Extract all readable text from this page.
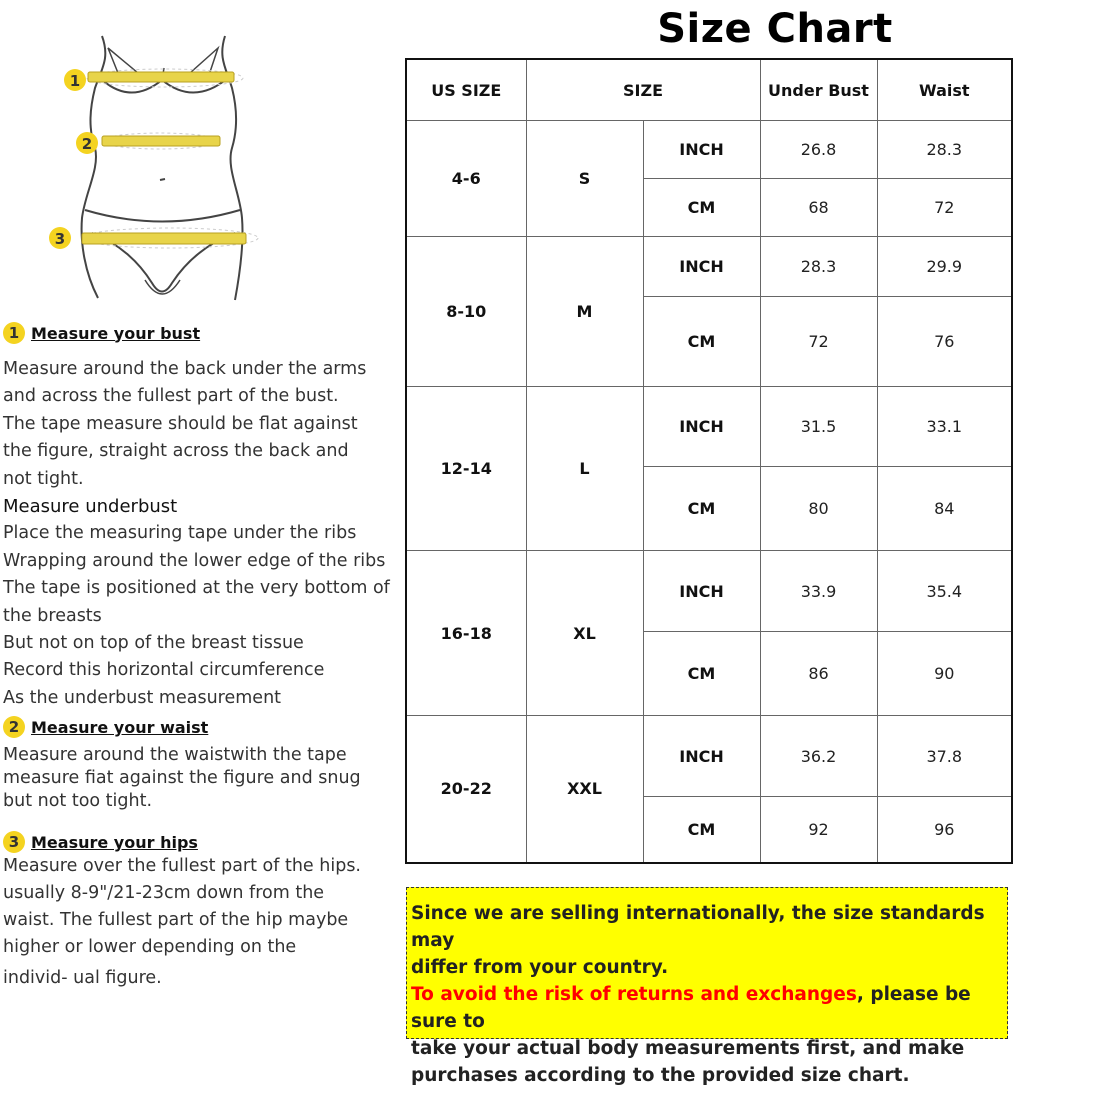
Size Chart
1
2
3
1 Measure your bust

Measure around the back under the arms

and across the fullest part of the bust.

The tape measure should be flat against

the figure, straight across the back and

not tight.

Measure underbust

Place the measuring tape under the ribs

Wrapping around the lower edge of the ribs

The tape is positioned at the very bottom of

the breasts

But not on top of the breast tissue

Record this horizontal circumference

As the underbust measurement

2 Measure your waist

Measure around the waistwith the tape

measure fiat against the figure and snug

but not too tight.

3 Measure your hips

Measure over the fullest part of the hips.

usually 8-9"/21-23cm down from the

waist. The fullest part of the hip maybe

higher or lower depending on the

individ- ual figure.

US SIZE	SIZE		Under Bust	Waist
4-6	S	INCH	26.8	28.3
		CM	68	72
8-10	M	INCH	28.3	29.9
		CM	72	76
12-14	L	INCH	31.5	33.1
		CM	80	84
16-18	XL	INCH	33.9	35.4
		CM	86	90
20-22	XXL	INCH	36.2	37.8
		CM	92	96
Since we are selling internationally, the size standards may
differ from your country.
To avoid the risk of returns and exchanges, please be sure to
take your actual body measurements first, and make
purchases according to the provided size chart.
